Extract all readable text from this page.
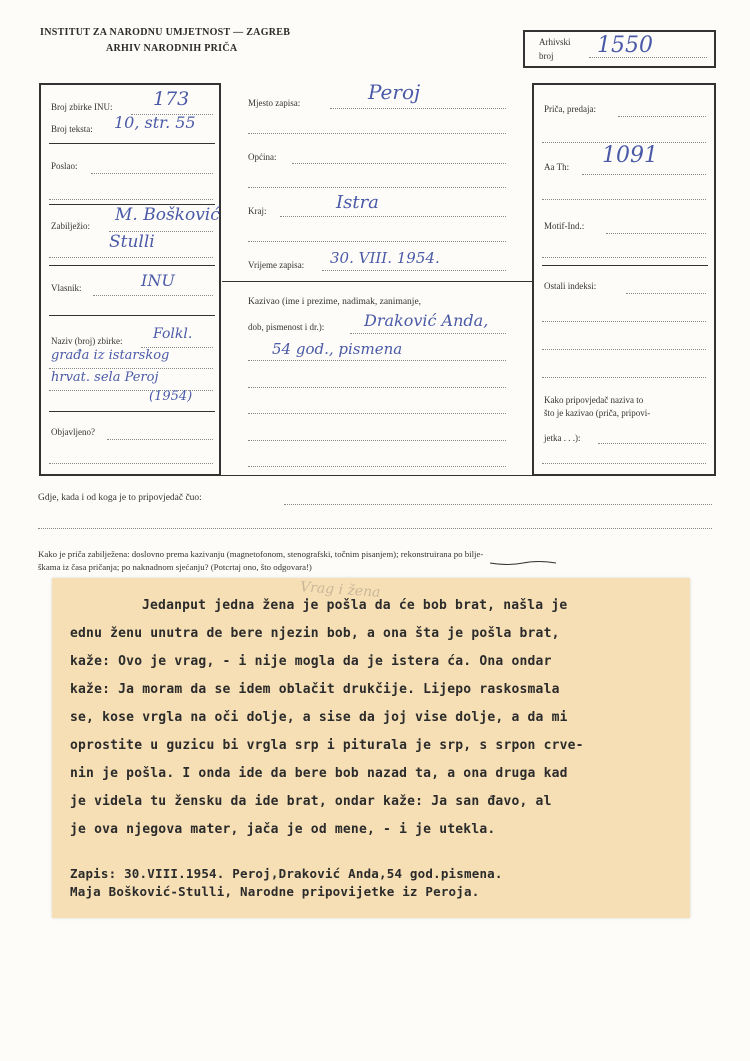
INSTITUT ZA NARODNU UMJETNOST — ZAGREB
ARHIV NARODNIH PRIČA
Arhivski
broj 1550
Broj zbirke INU: 173
Broj teksta: 10, str. 55
Poslao:
Zabilježio:
M. Bošković
Stulli
Vlasnik:	INU
Naziv (broj) zbirke: Folkl.
građa iz istarskog
hrvat. sela Peroj
(1954)
Objavljeno?
Mjesto zapisa:	Peroj
Općina:
Kraj:	Istra
Vrijeme zapisa: 30. VIII. 1954.
Kazivao (ime i prezime, nadimak, zanimanje,
dob, pismenost i dr.): Draković Anda,
54 god., pismena
Priča, predaja:
Aa Th: 1091
Motif-Ind.:
Ostali indeksi:
Kako pripovjedač naziva to
što je kazivao (priča, pripovi-
jetka . . .):
Gdje, kada i od koga je to pripovjedač čuo:
Kako je priča zabilježena: doslovno prema kazivanju (magnetofonom, stenografski, točnim pisanjem); rekonstruirana po bilje-
škama iz časa pričanja; po naknadnom sjećanju? (Potcrtaj ono, što odgovara!)
Vrag i žena
Jedanput jedna žena je pošla da će bob brat, našla je
ednu ženu unutra de bere njezin bob, a ona šta je pošla brat,
kaže: Ovo je vrag, - i nije mogla da je istera ća. Ona ondar
kaže: Ja moram da se idem oblačit drukčije. Lijepo raskosmala
se, kose vrgla na oči dolje, a sise da joj vise dolje, a da mi
oprostite u guzicu bi vrgla srp i piturala je srp, s srpon crve-
nin je pošla. I onda ide da bere bob nazad ta, a ona druga kad
je videla tu žensku da ide brat, ondar kaže: Ja san đavo, al
je ova njegova mater, jača je od mene, - i je utekla.
Zapis: 30.VIII.1954. Peroj,Draković Anda,54 god.pismena.
Maja Bošković-Stulli, Narodne pripovijetke iz Peroja.
